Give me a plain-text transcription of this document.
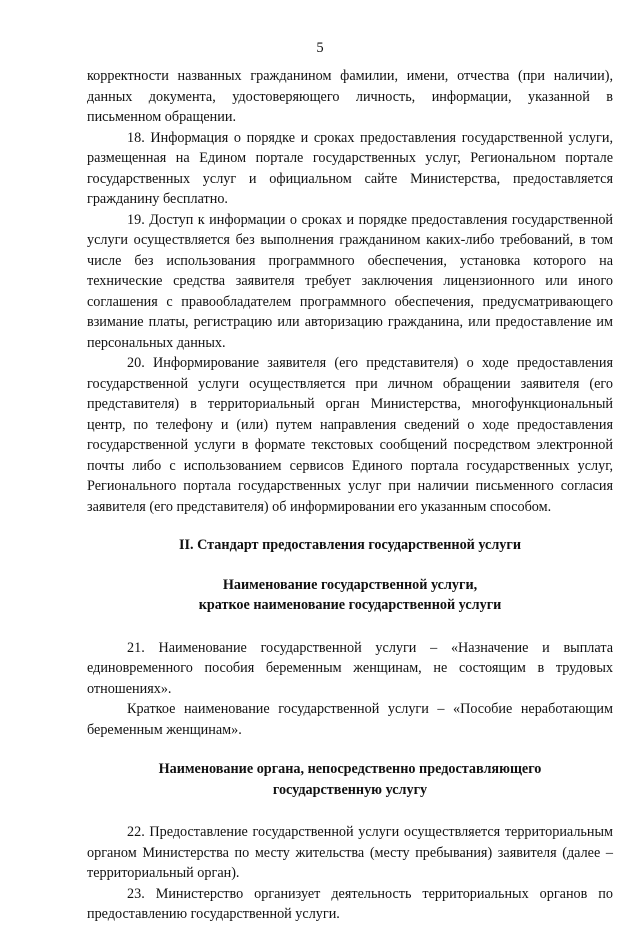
5

корректности названных гражданином фамилии, имени, отчества (при наличии), данных документа, удостоверяющего личность, информации, указанной в письменном обращении.

18. Информация о порядке и сроках предоставления государственной услуги, размещенная на Едином портале государственных услуг, Региональном портале государственных услуг и официальном сайте Министерства, предоставляется гражданину бесплатно.

19. Доступ к информации о сроках и порядке предоставления государственной услуги осуществляется без выполнения гражданином каких-либо требований, в том числе без использования программного обеспечения, установка которого на технические средства заявителя требует заключения лицензионного или иного соглашения с правообладателем программного обеспечения, предусматривающего взимание платы, регистрацию или авторизацию гражданина, или предоставление им персональных данных.

20. Информирование заявителя (его представителя) о ходе предоставления государственной услуги осуществляется при личном обращении заявителя (его представителя) в территориальный орган Министерства, многофункциональный центр, по телефону и (или) путем направления сведений о ходе предоставления государственной услуги в формате текстовых сообщений посредством электронной почты либо с использованием сервисов Единого портала государственных услуг, Регионального портала государственных услуг при наличии письменного согласия заявителя (его представителя) об информировании его указанным способом.

II. Стандарт предоставления государственной услуги
Наименование государственной услуги,
краткое наименование государственной услуги

21. Наименование государственной услуги – «Назначение и выплата единовременного пособия беременным женщинам, не состоящим в трудовых отношениях».

Краткое наименование государственной услуги – «Пособие неработающим беременным женщинам».

Наименование органа, непосредственно предоставляющего
государственную услугу

22. Предоставление государственной услуги осуществляется территориальным органом Министерства по месту жительства (месту пребывания) заявителя (далее – территориальный орган).

23. Министерство организует деятельность территориальных органов по предоставлению государственной услуги.
